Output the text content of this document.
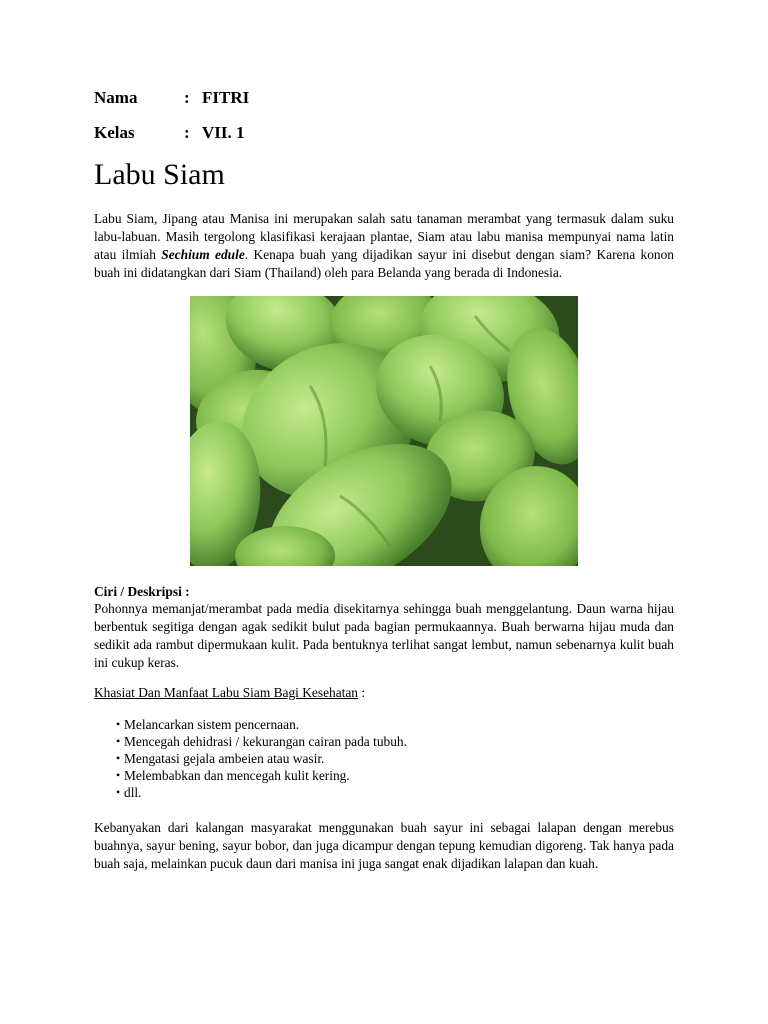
Nama	: FITRI
Kelas	: VII. 1
Labu Siam

Labu Siam, Jipang atau Manisa ini merupakan salah satu tanaman merambat yang termasuk dalam suku labu-labuan. Masih tergolong klasifikasi kerajaan plantae, Siam atau labu manisa mempunyai nama latin atau ilmiah Sechium edule. Kenapa buah yang dijadikan sayur ini disebut dengan siam? Karena konon buah ini didatangkan dari Siam (Thailand) oleh para Belanda yang berada di Indonesia.

Ciri / Deskripsi :

Pohonnya memanjat/merambat pada media disekitarnya sehingga buah menggelantung. Daun warna hijau berbentuk segitiga dengan agak sedikit bulut pada bagian permukaannya. Buah berwarna hijau muda dan sedikit ada rambut dipermukaan kulit. Pada bentuknya terlihat sangat lembut, namun sebenarnya kulit buah ini cukup keras.

Khasiat Dan Manfaat Labu Siam Bagi Kesehatan :
• Melancarkan sistem pencernaan.
• Mencegah dehidrasi / kekurangan cairan pada tubuh.
• Mengatasi gejala ambeien atau wasir.
• Melembabkan dan mencegah kulit kering.
• dll.

Kebanyakan dari kalangan masyarakat menggunakan buah sayur ini sebagai lalapan dengan merebus buahnya, sayur bening, sayur bobor, dan juga dicampur dengan tepung kemudian digoreng. Tak hanya pada buah saja, melainkan pucuk daun dari manisa ini juga sangat enak dijadikan lalapan dan kuah.
